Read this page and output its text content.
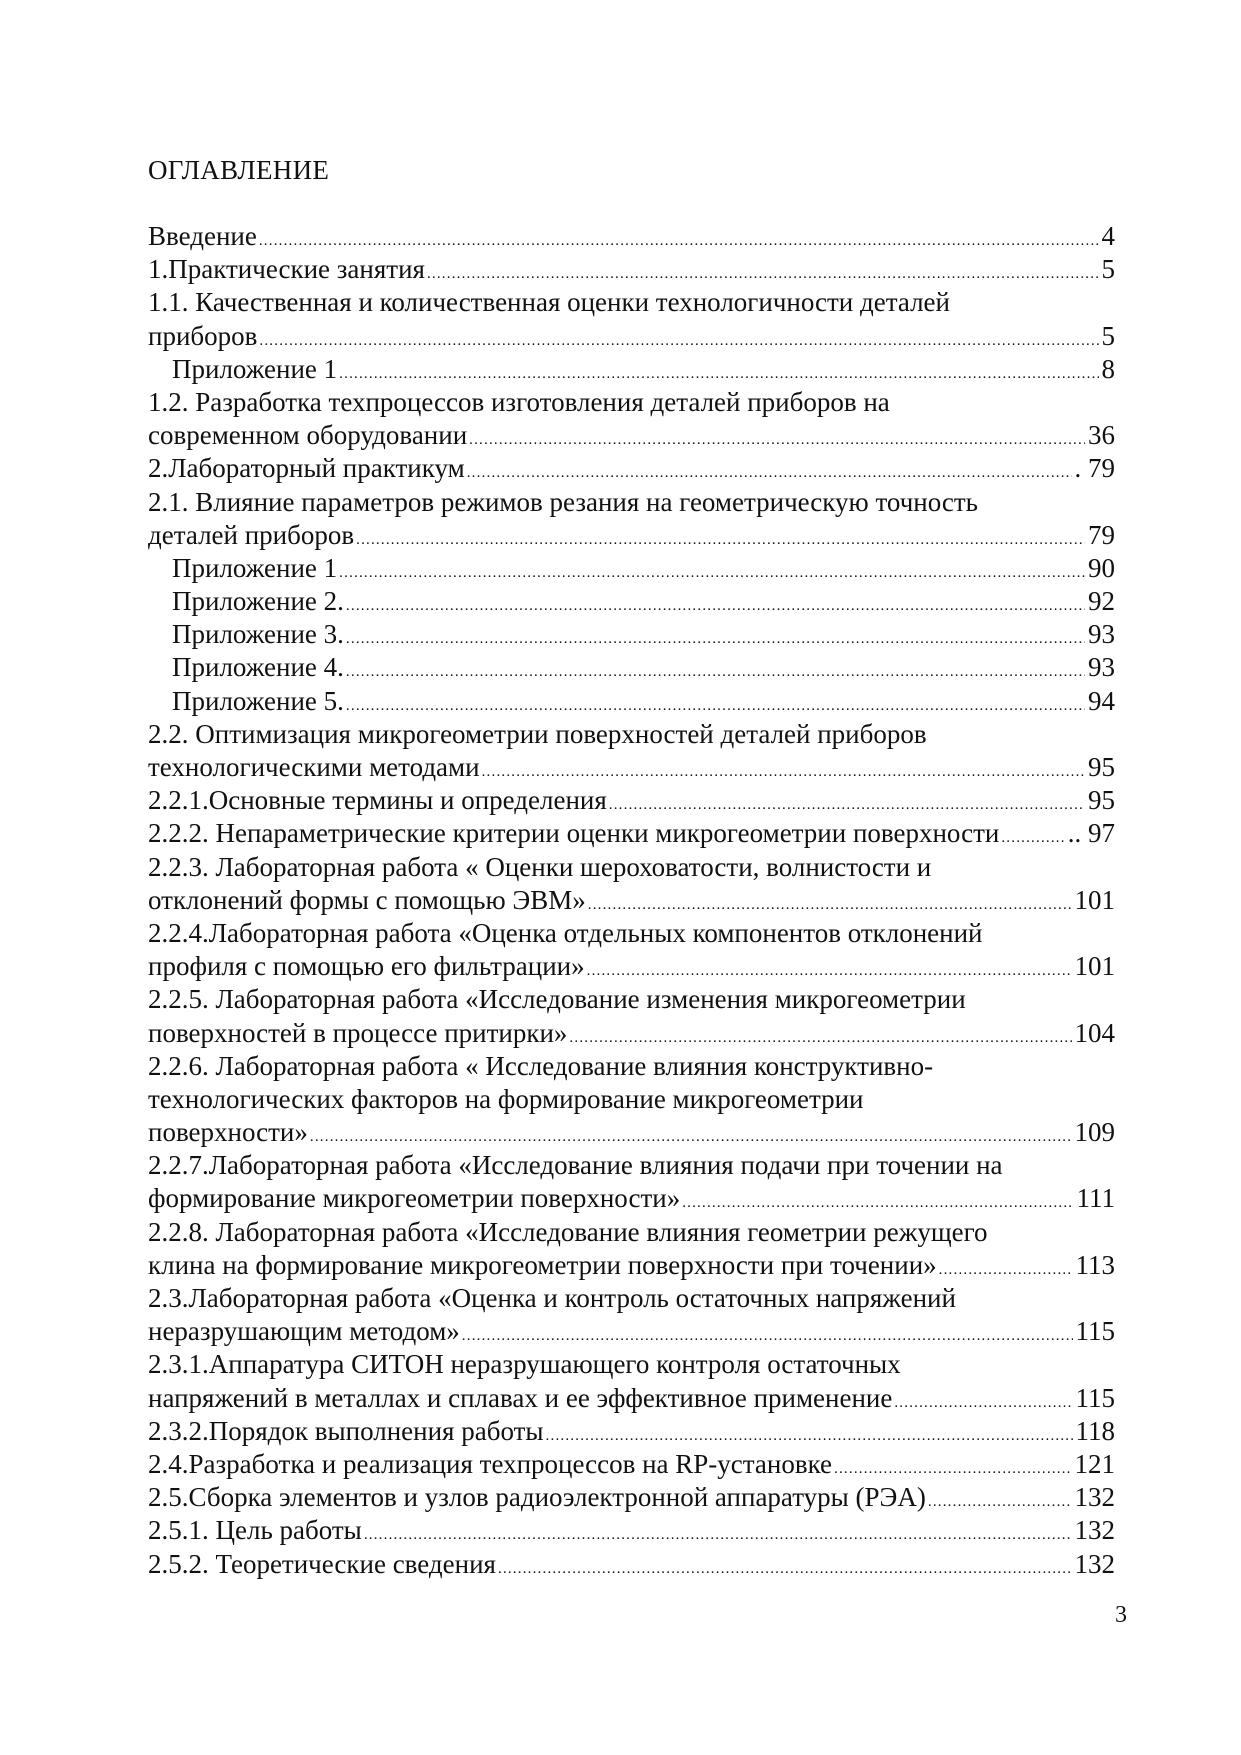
ОГЛАВЛЕНИЕ
Введение .....	4
1.Практические занятия .....	5
1.1. Качественная и количественная оценки технологичности деталей
приборов .....	5
Приложение 1 .....	8
1.2. Разработка техпроцессов изготовления деталей приборов на
современном оборудовании .....	36
2.Лабораторный практикум .....	. 79
2.1. Влияние параметров режимов резания на геометрическую точность
деталей приборов .....	79
Приложение 1 .....	90
Приложение 2. .....	92
Приложение 3. .....	93
Приложение 4. .....	93
Приложение 5. .....	94
2.2. Оптимизация микрогеометрии поверхностей деталей приборов
технологическими методами .....	95
2.2.1.Основные термины и определения .....	95
2.2.2. Непараметрические критерии оценки микрогеометрии поверхности .....	.. 97
2.2.3. Лабораторная работа « Оценки шероховатости, волнистости и
отклонений формы с помощью ЭВМ» .....	101
2.2.4.Лабораторная работа «Оценка отдельных компонентов отклонений
профиля с помощью его фильтрации» .....	101
2.2.5. Лабораторная работа «Исследование изменения микрогеометрии
поверхностей в процессе притирки» .....	104
2.2.6. Лабораторная работа « Исследование влияния конструктивно-
технологических факторов на формирование микрогеометрии
поверхности» .....	109
2.2.7.Лабораторная работа «Исследование влияния подачи при точении на
формирование микрогеометрии поверхности» .....	111
2.2.8. Лабораторная работа «Исследование влияния геометрии режущего
клина на формирование микрогеометрии поверхности при точении» .....	113
2.3.Лабораторная работа «Оценка и контроль остаточных напряжений
неразрушающим методом» .....	115
2.3.1.Аппаратура СИТОН неразрушающего контроля остаточных
напряжений в металлах и сплавах и ее эффективное применение .....	115
2.3.2.Порядок выполнения работы .....	118
2.4.Разработка и реализация техпроцессов на RP-установке .....	121
2.5.Сборка элементов и узлов радиоэлектронной аппаратуры (РЭА) .....	132
2.5.1. Цель работы .....	132
2.5.2. Теоретические сведения .....	132
3
